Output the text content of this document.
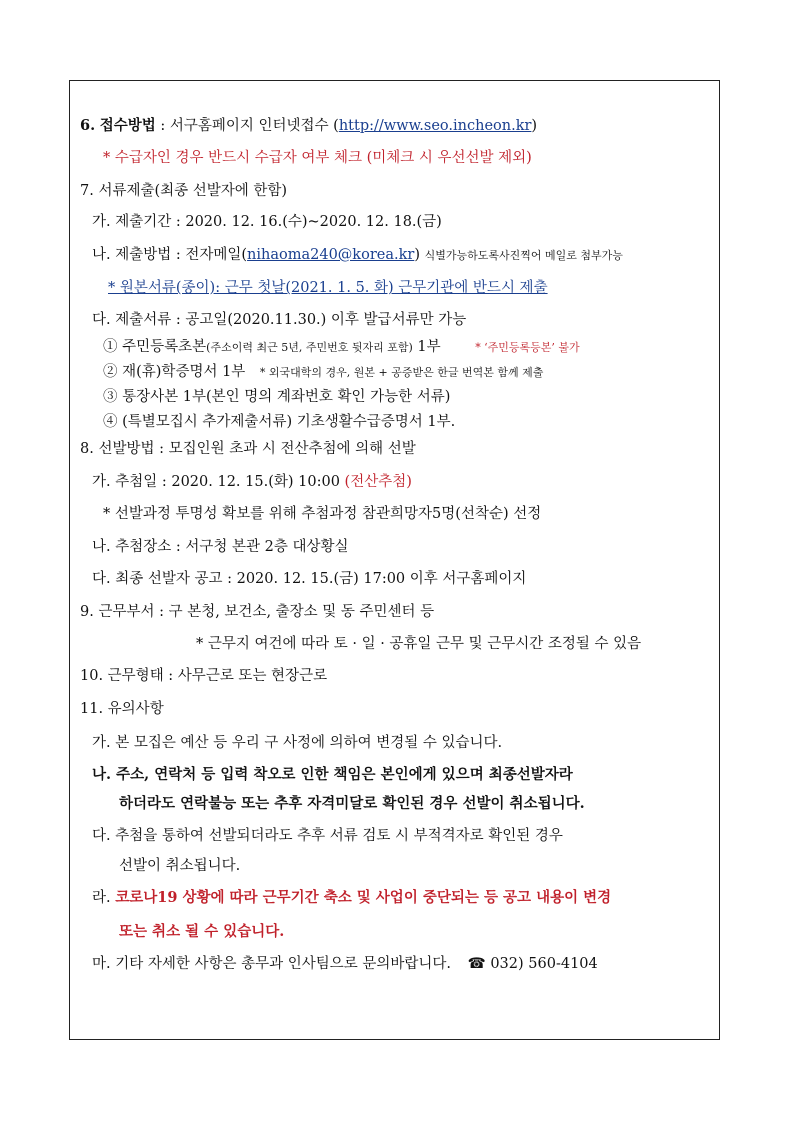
6. 접수방법 : 서구홈페이지 인터넷접수 (http://www.seo.incheon.kr)
* 수급자인 경우 반드시 수급자 여부 체크 (미체크 시 우선선발 제외)
7. 서류제출(최종 선발자에 한함)
가. 제출기간 : 2020. 12. 16.(수)~2020. 12. 18.(금)
나. 제출방법 : 전자메일(nihaoma240@korea.kr) 식별가능하도록사진찍어 메일로 첨부가능
* 원본서류(종이): 근무 첫날(2021. 1. 5. 화) 근무기관에 반드시 제출
다. 제출서류 : 공고일(2020.11.30.) 이후 발급서류만 가능
① 주민등록초본(주소이력 최근 5년, 주민번호 뒷자리 포함) 1부	* ‘주민등록등본’ 불가
② 재(휴)학증명서 1부 * 외국대학의 경우, 원본 + 공증받은 한글 번역본 함께 제출
③ 통장사본 1부(본인 명의 계좌번호 확인 가능한 서류)
④ (특별모집시 추가제출서류) 기초생활수급증명서 1부.
8. 선발방법 : 모집인원 초과 시 전산추첨에 의해 선발
가. 추첨일 : 2020. 12. 15.(화) 10:00 (전산추첨)
* 선발과정 투명성 확보를 위해 추첨과정 참관희망자5명(선착순) 선정
나. 추첨장소 : 서구청 본관 2층 대상황실
다. 최종 선발자 공고 : 2020. 12. 15.(금) 17:00 이후 서구홈페이지
9. 근무부서 : 구 본청, 보건소, 출장소 및 동 주민센터 등
* 근무지 여건에 따라 토 · 일 · 공휴일 근무 및 근무시간 조정될 수 있음
10. 근무형태 : 사무근로 또는 현장근로
11. 유의사항
가. 본 모집은 예산 등 우리 구 사정에 의하여 변경될 수 있습니다.
나. 주소, 연락처 등 입력 착오로 인한 책임은 본인에게 있으며 최종선발자라
하더라도 연락불능 또는 추후 자격미달로 확인된 경우 선발이 취소됩니다.
다. 추첨을 통하여 선발되더라도 추후 서류 검토 시 부적격자로 확인된 경우
선발이 취소됩니다.
라. 코로나19 상황에 따라 근무기간 축소 및 사업이 중단되는 등 공고 내용이 변경
또는 취소 될 수 있습니다.
마. 기타 자세한 사항은 총무과 인사팀으로 문의바랍니다. ☎ 032) 560-4104
